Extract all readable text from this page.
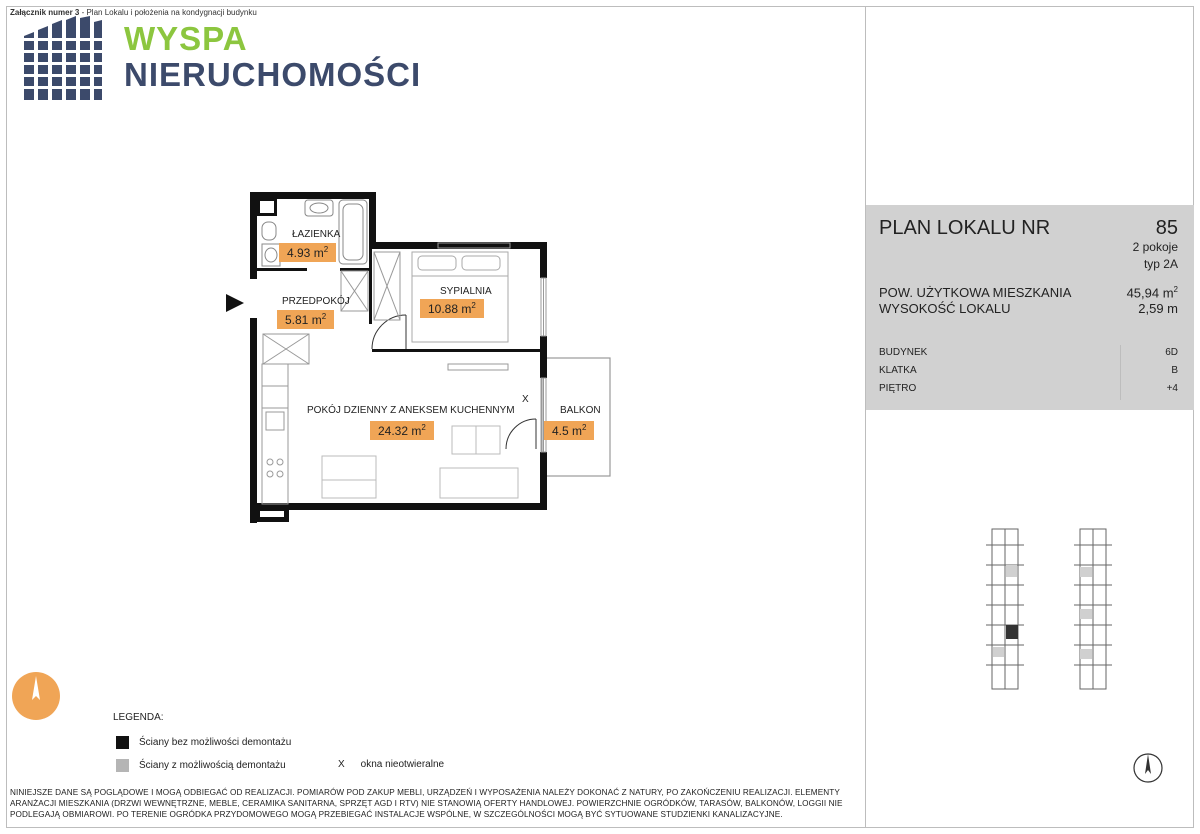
Załącznik numer 3 - Plan Lokalu i położenia na kondygnacji budynku
WYSPA
NIERUCHOMOŚCI
X
ŁAZIENKA
4.93 $m^2$
PRZEDPOKÓJ
5.81 $m^2$
SYPIALNIA
10.88 $m^2$
POKÓJ DZIENNY Z ANEKSEM KUCHENNYM
24.32 $m^2$
BALKON
4.5 $m^2$
PLAN LOKALU NR	85
2 pokoje
typ 2A
POW. UŻYTKOWA MIESZKANIA	45,94 $m^2$
WYSOKOŚĆ LOKALU	2,59 m
BUDYNEK	6D
KLATKA	B
PIĘTRO	+4
LEGENDA:
Ściany bez możliwości demontażu
Ściany z możliwością demontażu	X okna nieotwieralne
NINIEJSZE DANE SĄ POGLĄDOWE I MOGĄ ODBIEGAĆ OD REALIZACJI. POMIARÓW POD ZAKUP MEBLI, URZĄDZEŃ I WYPOSAŻENIA NALEŻY DOKONAĆ Z NATURY, PO ZAKOŃCZENIU REALIZACJI. ELEMENTY ARANŻACJI MIESZKANIA (DRZWI WEWNĘTRZNE, MEBLE, CERAMIKA SANITARNA, SPRZĘT AGD I RTV) NIE STANOWIĄ OFERTY HANDLOWEJ. POWIERZCHNIE OGRÓDKÓW, TARASÓW, BALKONÓW, LOGGII NIE PODLEGAJĄ OBMIAROWI. PO TERENIE OGRÓDKA PRZYDOMOWEGO MOGĄ PRZEBIEGAĆ INSTALACJE WSPÓLNE, W SZCZEGÓLNOŚCI MOGĄ BYĆ SYTUOWANE STUDZIENKI KANALIZACYJNE.
